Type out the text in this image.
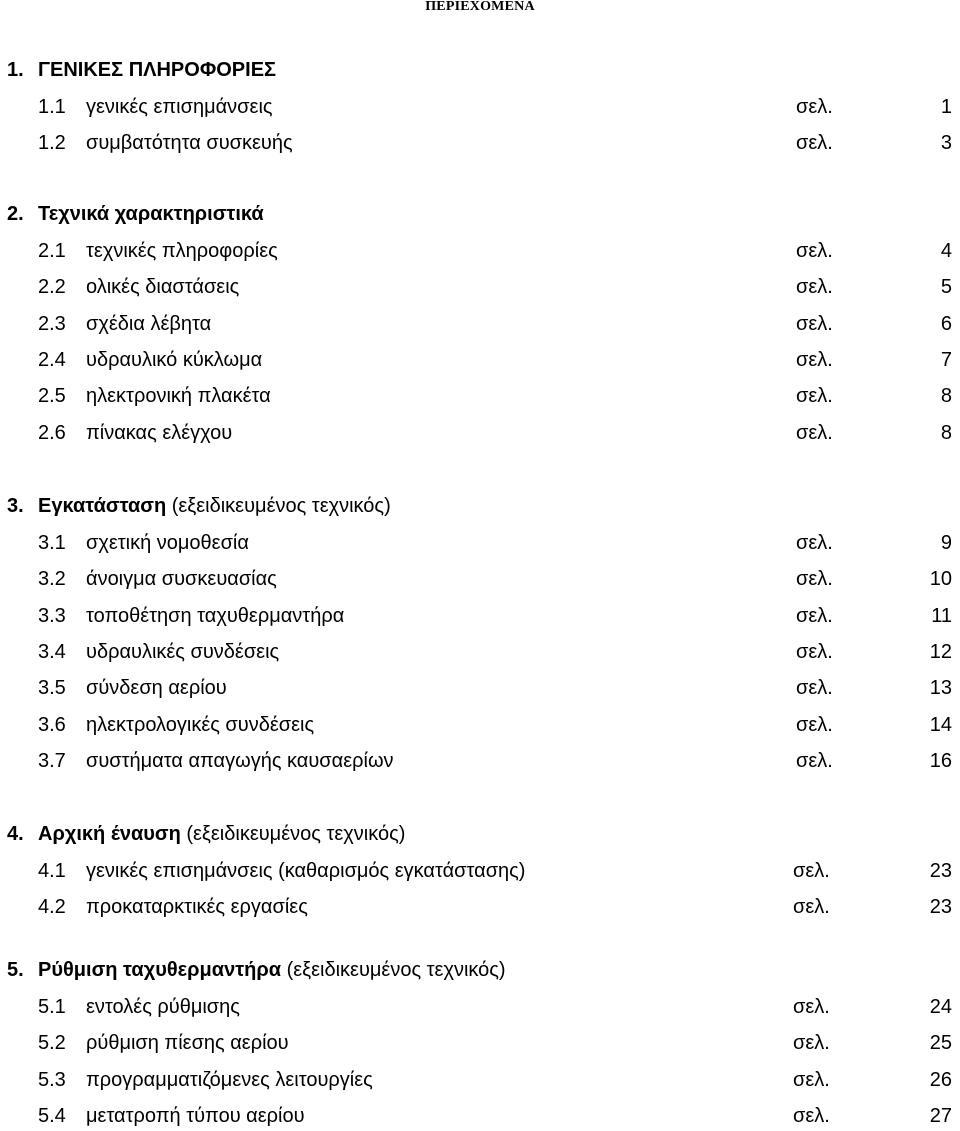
ΠΕΡΙΕΧΟΜΕΝΑ
1. ΓΕΝΙΚΕΣ ΠΛΗΡΟΦΟΡΙΕΣ
1.1 γενικές επισημάνσεις	σελ.	1
1.2 συμβατότητα συσκευής	σελ.	3
2. Τεχνικά χαρακτηριστικά
2.1 τεχνικές πληροφορίες	σελ.	4
2.2 ολικές διαστάσεις	σελ.	5
2.3 σχέδια λέβητα	σελ.	6
2.4 υδραυλικό κύκλωμα	σελ.	7
2.5 ηλεκτρονική πλακέτα	σελ.	8
2.6 πίνακας ελέγχου	σελ.	8
3. Εγκατάσταση (εξειδικευμένος τεχνικός)
3.1 σχετική νομοθεσία	σελ.	9
3.2 άνοιγμα συσκευασίας	σελ.	10
3.3 τοποθέτηση ταχυθερμαντήρα	σελ.	11
3.4 υδραυλικές συνδέσεις	σελ.	12
3.5 σύνδεση αερίου	σελ.	13
3.6 ηλεκτρολογικές συνδέσεις	σελ.	14
3.7 συστήματα απαγωγής καυσαερίων	σελ.	16
4. Αρχική έναυση (εξειδικευμένος τεχνικός)
4.1 γενικές επισημάνσεις (καθαρισμός εγκατάστασης)	σελ.	23
4.2 προκαταρκτικές εργασίες	σελ.	23
5. Ρύθμιση ταχυθερμαντήρα (εξειδικευμένος τεχνικός)
5.1 εντολές ρύθμισης	σελ.	24
5.2 ρύθμιση πίεσης αερίου	σελ.	25
5.3 προγραμματιζόμενες λειτουργίες	σελ.	26
5.4 μετατροπή τύπου αερίου	σελ.	27
